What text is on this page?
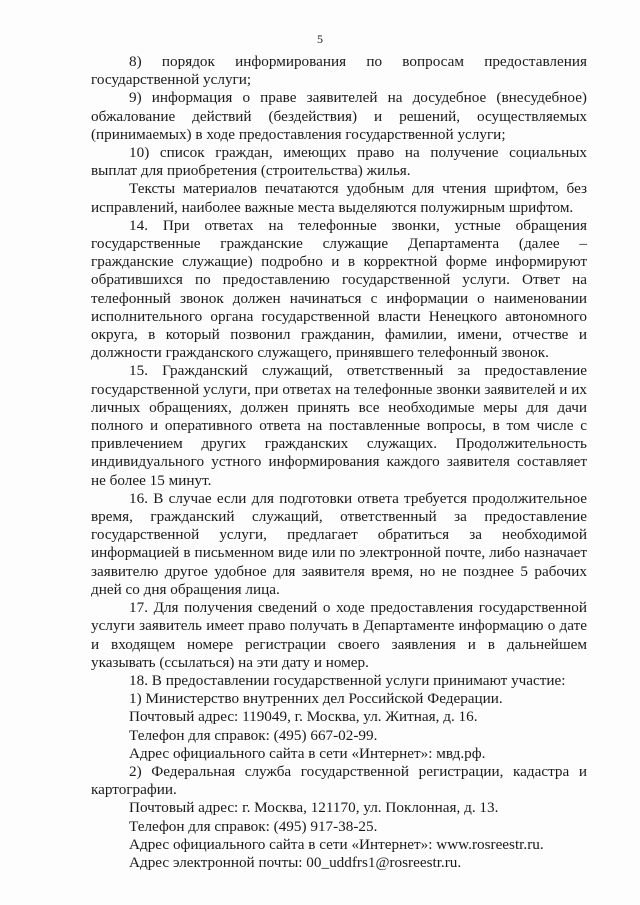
5

8) порядок информирования по вопросам предоставления государственной услуги;

9) информация о праве заявителей на досудебное (внесудебное) обжалование действий (бездействия) и решений, осуществляемых (принимаемых) в ходе предоставления государственной услуги;

10) список граждан, имеющих право на получение социальных выплат для приобретения (строительства) жилья.

Тексты материалов печатаются удобным для чтения шрифтом, без исправлений, наиболее важные места выделяются полужирным шрифтом.

14. При ответах на телефонные звонки, устные обращения государственные гражданские служащие Департамента (далее – гражданские служащие) подробно и в корректной форме информируют обратившихся по предоставлению государственной услуги. Ответ на телефонный звонок должен начинаться с информации о наименовании исполнительного органа государственной власти Ненецкого автономного округа, в который позвонил гражданин, фамилии, имени, отчестве и должности гражданского служащего, принявшего телефонный звонок.

15. Гражданский служащий, ответственный за предоставление государственной услуги, при ответах на телефонные звонки заявителей и их личных обращениях, должен принять все необходимые меры для дачи полного и оперативного ответа на поставленные вопросы, в том числе с привлечением других гражданских служащих. Продолжительность индивидуального устного информирования каждого заявителя составляет не более 15 минут.

16. В случае если для подготовки ответа требуется продолжительное время, гражданский служащий, ответственный за предоставление государственной услуги, предлагает обратиться за необходимой информацией в письменном виде или по электронной почте, либо назначает заявителю другое удобное для заявителя время, но не позднее 5 рабочих дней со дня обращения лица.

17. Для получения сведений о ходе предоставления государственной услуги заявитель имеет право получать в Департаменте информацию о дате и входящем номере регистрации своего заявления и в дальнейшем указывать (ссылаться) на эти дату и номер.

18. В предоставлении государственной услуги принимают участие:

1) Министерство внутренних дел Российской Федерации.

Почтовый адрес: 119049, г. Москва, ул. Житная, д. 16.

Телефон для справок: (495) 667-02-99.

Адрес официального сайта в сети «Интернет»: мвд.рф.

2) Федеральная служба государственной регистрации, кадастра и картографии.

Почтовый адрес: г. Москва, 121170, ул. Поклонная, д. 13.

Телефон для справок: (495) 917-38-25.

Адрес официального сайта в сети «Интернет»: www.rosreestr.ru.

Адрес электронной почты: 00_uddfrs1@rosreestr.ru.
